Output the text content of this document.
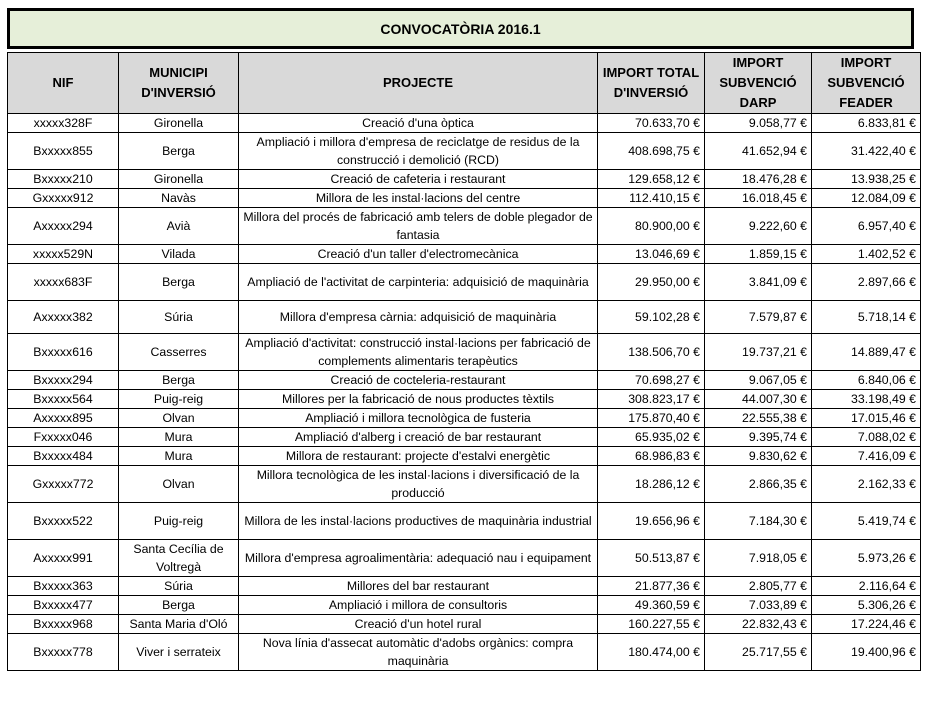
CONVOCATÒRIA 2016.1
NIF	MUNICIPI D'INVERSIÓ	PROJECTE	IMPORT TOTAL D'INVERSIÓ	IMPORT SUBVENCIÓ DARP	IMPORT SUBVENCIÓ FEADER
xxxxx328F	Gironella	Creació d'una òptica	70.633,70 €	9.058,77 €	6.833,81 €
Bxxxxx855	Berga	Ampliació i millora d'empresa de reciclatge de residus de la construcció i demolició (RCD)	408.698,75 €	41.652,94 €	31.422,40 €
Bxxxxx210	Gironella	Creació de cafeteria i restaurant	129.658,12 €	18.476,28 €	13.938,25 €
Gxxxxx912	Navàs	Millora de les instal·lacions del centre	112.410,15 €	16.018,45 €	12.084,09 €
Axxxxx294	Avià	Millora del procés de fabricació amb telers de doble plegador de fantasia	80.900,00 €	9.222,60 €	6.957,40 €
xxxxx529N	Vilada	Creació d'un taller d'electromecànica	13.046,69 €	1.859,15 €	1.402,52 €
xxxxx683F	Berga	Ampliació de l'activitat de carpinteria: adquisició de maquinària	29.950,00 €	3.841,09 €	2.897,66 €
Axxxxx382	Súria	Millora d'empresa càrnia: adquisició de maquinària	59.102,28 €	7.579,87 €	5.718,14 €
Bxxxxx616	Casserres	Ampliació d'activitat: construcció instal·lacions per fabricació de complements alimentaris terapèutics	138.506,70 €	19.737,21 €	14.889,47 €
Bxxxxx294	Berga	Creació de cocteleria-restaurant	70.698,27 €	9.067,05 €	6.840,06 €
Bxxxxx564	Puig-reig	Millores per la fabricació de nous productes tèxtils	308.823,17 €	44.007,30 €	33.198,49 €
Axxxxx895	Olvan	Ampliació i millora tecnològica de fusteria	175.870,40 €	22.555,38 €	17.015,46 €
Fxxxxx046	Mura	Ampliació d'alberg i creació de bar restaurant	65.935,02 €	9.395,74 €	7.088,02 €
Bxxxxx484	Mura	Millora de restaurant: projecte d'estalvi energètic	68.986,83 €	9.830,62 €	7.416,09 €
Gxxxxx772	Olvan	Millora tecnològica de les instal·lacions i diversificació de la producció	18.286,12 €	2.866,35 €	2.162,33 €
Bxxxxx522	Puig-reig	Millora de les instal·lacions productives de maquinària industrial	19.656,96 €	7.184,30 €	5.419,74 €
Axxxxx991	Santa Cecília de Voltregà	Millora d'empresa agroalimentària: adequació nau i equipament	50.513,87 €	7.918,05 €	5.973,26 €
Bxxxxx363	Súria	Millores del bar restaurant	21.877,36 €	2.805,77 €	2.116,64 €
Bxxxxx477	Berga	Ampliació i millora de consultoris	49.360,59 €	7.033,89 €	5.306,26 €
Bxxxxx968	Santa Maria d'Oló	Creació d'un hotel rural	160.227,55 €	22.832,43 €	17.224,46 €
Bxxxxx778	Viver i serrateix	Nova línia d'assecat automàtic d'adobs orgànics: compra maquinària	180.474,00 €	25.717,55 €	19.400,96 €
